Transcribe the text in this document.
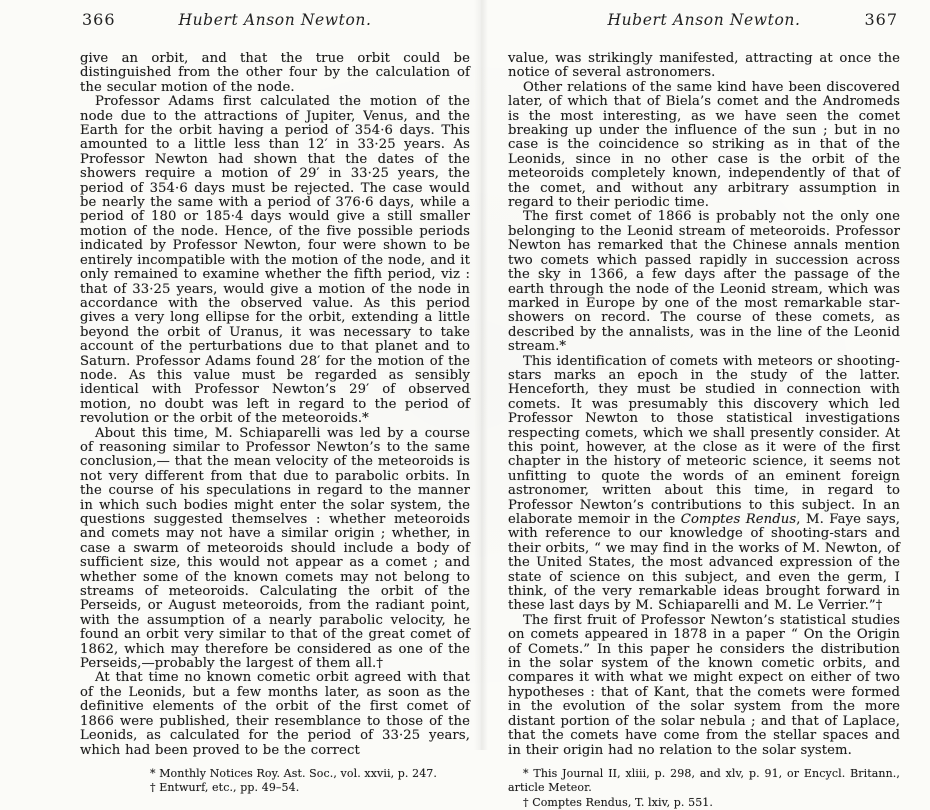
366	Hubert Anson Newton.

give an orbit, and that the true orbit could be distinguished from the other four by the calculation of the secular motion of the node.

Professor Adams first calculated the motion of the node due to the attractions of Jupiter, Venus, and the Earth for the orbit having a period of 354·6 days. This amounted to a little less than 12′ in 33·25 years. As Professor Newton had shown that the dates of the showers require a motion of 29′ in 33·25 years, the period of 354·6 days must be rejected. The case would be nearly the same with a period of 376·6 days, while a period of 180 or 185·4 days would give a still smaller motion of the node. Hence, of the five possible periods indicated by Professor Newton, four were shown to be entirely incompatible with the motion of the node, and it only remained to examine whether the fifth period, viz : that of 33·25 years, would give a motion of the node in accordance with the observed value. As this period gives a very long ellipse for the orbit, extending a little beyond the orbit of Uranus, it was necessary to take account of the perturbations due to that planet and to Saturn. Professor Adams found 28′ for the motion of the node. As this value must be regarded as sensibly identical with Professor Newton’s 29′ of observed motion, no doubt was left in regard to the period of revolution or the orbit of the meteoroids.*

About this time, M. Schiaparelli was led by a course of reasoning similar to Professor Newton’s to the same conclusion,— that the mean velocity of the meteoroids is not very different from that due to parabolic orbits. In the course of his speculations in regard to the manner in which such bodies might enter the solar system, the questions suggested themselves : whether meteoroids and comets may not have a similar origin ; whether, in case a swarm of meteoroids should include a body of sufficient size, this would not appear as a comet ; and whether some of the known comets may not belong to streams of meteoroids. Calculating the orbit of the Perseids, or August meteoroids, from the radiant point, with the assumption of a nearly parabolic velocity, he found an orbit very similar to that of the great comet of 1862, which may therefore be considered as one of the Perseids,—probably the largest of them all.†

At that time no known cometic orbit agreed with that of the Leonids, but a few months later, as soon as the definitive elements of the orbit of the first comet of 1866 were published, their resemblance to those of the Leonids, as calculated for the period of 33·25 years, which had been proved to be the correct

* Monthly Notices Roy. Ast. Soc., vol. xxvii, p. 247.

† Entwurf, etc., pp. 49–54.

Hubert Anson Newton.	367

value, was strikingly manifested, attracting at once the notice of several astronomers.

Other relations of the same kind have been discovered later, of which that of Biela’s comet and the Andromeds is the most interesting, as we have seen the comet breaking up under the influence of the sun ; but in no case is the coincidence so striking as in that of the Leonids, since in no other case is the orbit of the meteoroids completely known, independently of that of the comet, and without any arbitrary assumption in regard to their periodic time.

The first comet of 1866 is probably not the only one belonging to the Leonid stream of meteoroids. Professor Newton has remarked that the Chinese annals mention two comets which passed rapidly in succession across the sky in 1366, a few days after the passage of the earth through the node of the Leonid stream, which was marked in Europe by one of the most remarkable star-showers on record. The course of these comets, as described by the annalists, was in the line of the Leonid stream.*

This identification of comets with meteors or shooting-stars marks an epoch in the study of the latter. Henceforth, they must be studied in connection with comets. It was presumably this discovery which led Professor Newton to those statistical investigations respecting comets, which we shall presently consider. At this point, however, at the close as it were of the first chapter in the history of meteoric science, it seems not unfitting to quote the words of an eminent foreign astronomer, written about this time, in regard to Professor Newton’s contributions to this subject. In an elaborate memoir in the Comptes Rendus, M. Faye says, with reference to our knowledge of shooting-stars and their orbits, “ we may find in the works of M. Newton, of the United States, the most advanced expression of the state of science on this subject, and even the germ, I think, of the very remarkable ideas brought forward in these last days by M. Schiaparelli and M. Le Verrier.”†

The first fruit of Professor Newton’s statistical studies on comets appeared in 1878 in a paper “ On the Origin of Comets.” In this paper he considers the distribution in the solar system of the known cometic orbits, and compares it with what we might expect on either of two hypotheses : that of Kant, that the comets were formed in the evolution of the solar system from the more distant portion of the solar nebula ; and that of Laplace, that the comets have come from the stellar spaces and in their origin had no relation to the solar system.

* This Journal II, xliii, p. 298, and xlv, p. 91, or Encycl. Britann., article Meteor.

† Comptes Rendus, T. lxiv, p. 551.
